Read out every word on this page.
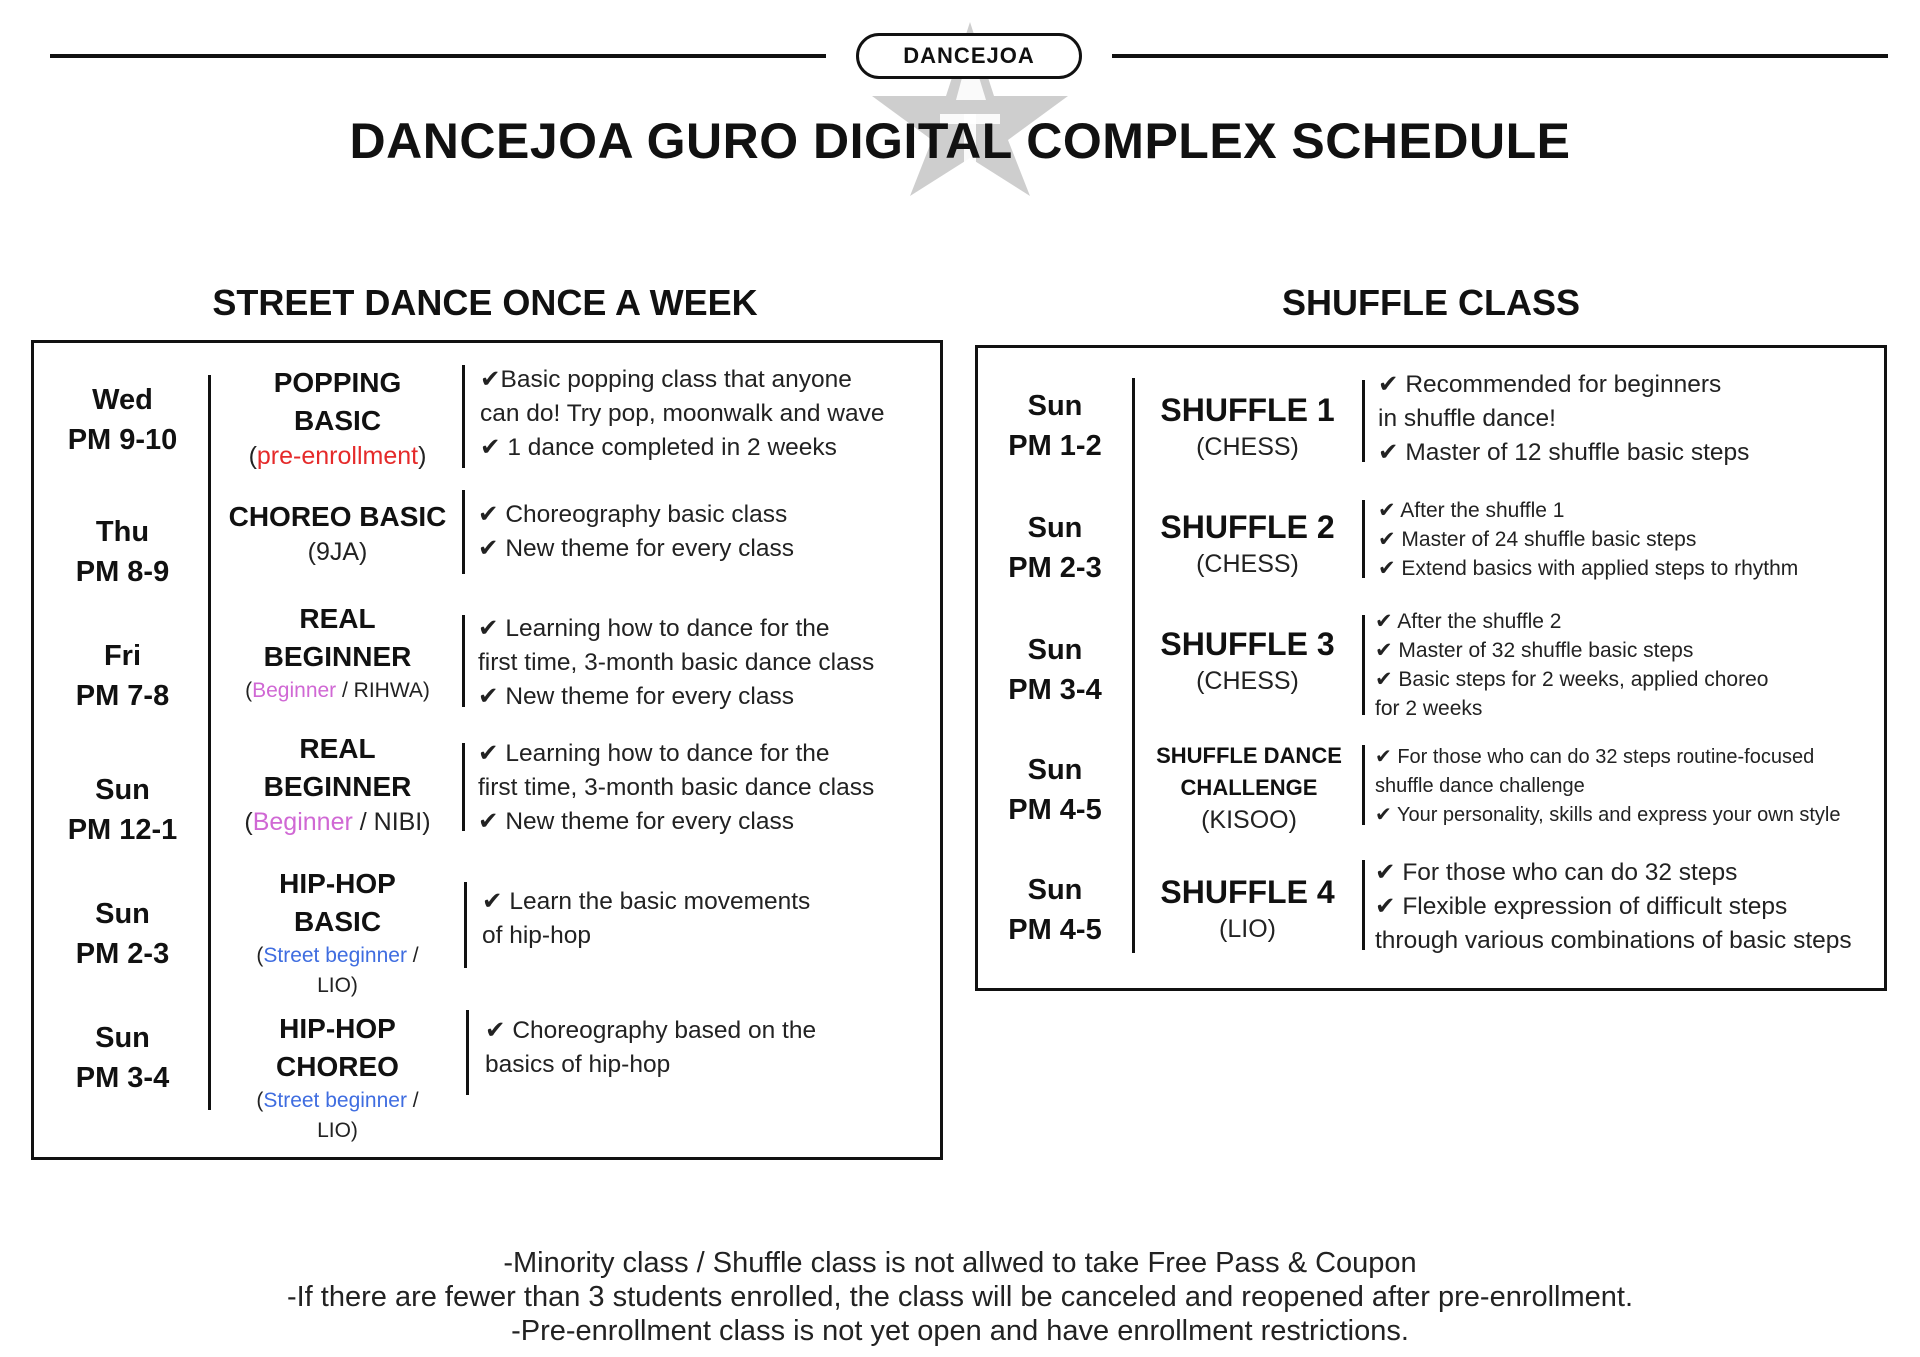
DANCEJOA
DANCEJOA GURO DIGITAL COMPLEX SCHEDULE
STREET DANCE ONCE A WEEK
Wed
PM 9-10
POPPING
BASIC
(pre-enrollment)
✔Basic popping class that anyone
can do! Try pop, moonwalk and wave
✔ 1 dance completed in 2 weeks
Thu
PM 8-9
CHOREO BASIC
(9JA)
✔ Choreography basic class
✔ New theme for every class
Fri
PM 7-8
REAL
BEGINNER
(Beginner / RIHWA)
✔ Learning how to dance for the
first time, 3-month basic dance class
✔ New theme for every class
Sun
PM 12-1
REAL
BEGINNER
(Beginner / NIBI)
✔ Learning how to dance for the
first time, 3-month basic dance class
✔ New theme for every class
Sun
PM 2-3
HIP-HOP
BASIC
(Street beginner /
LIO)
✔ Learn the basic movements
of hip-hop
Sun
PM 3-4
HIP-HOP
CHOREO
(Street beginner /
LIO)
✔ Choreography based on the
basics of hip-hop
SHUFFLE CLASS
Sun
PM 1-2
SHUFFLE 1
(CHESS)
✔ Recommended for beginners
in shuffle dance!
✔ Master of 12 shuffle basic steps
Sun
PM 2-3
SHUFFLE 2
(CHESS)
✔ After the shuffle 1
✔ Master of 24 shuffle basic steps
✔ Extend basics with applied steps to rhythm
Sun
PM 3-4
SHUFFLE 3
(CHESS)
✔ After the shuffle 2
✔ Master of 32 shuffle basic steps
✔ Basic steps for 2 weeks, applied choreo
for 2 weeks
Sun
PM 4-5
SHUFFLE DANCE
CHALLENGE
(KISOO)
✔ For those who can do 32 steps routine-focused
shuffle dance challenge
✔ Your personality, skills and express your own style
Sun
PM 4-5
SHUFFLE 4
(LIO)
✔ For those who can do 32 steps
✔ Flexible expression of difficult steps
through various combinations of basic steps
-Minority class / Shuffle class is not allwed to take Free Pass & Coupon
-If there are fewer than 3 students enrolled, the class will be canceled and reopened after pre-enrollment.
-Pre-enrollment class is not yet open and have enrollment restrictions.
